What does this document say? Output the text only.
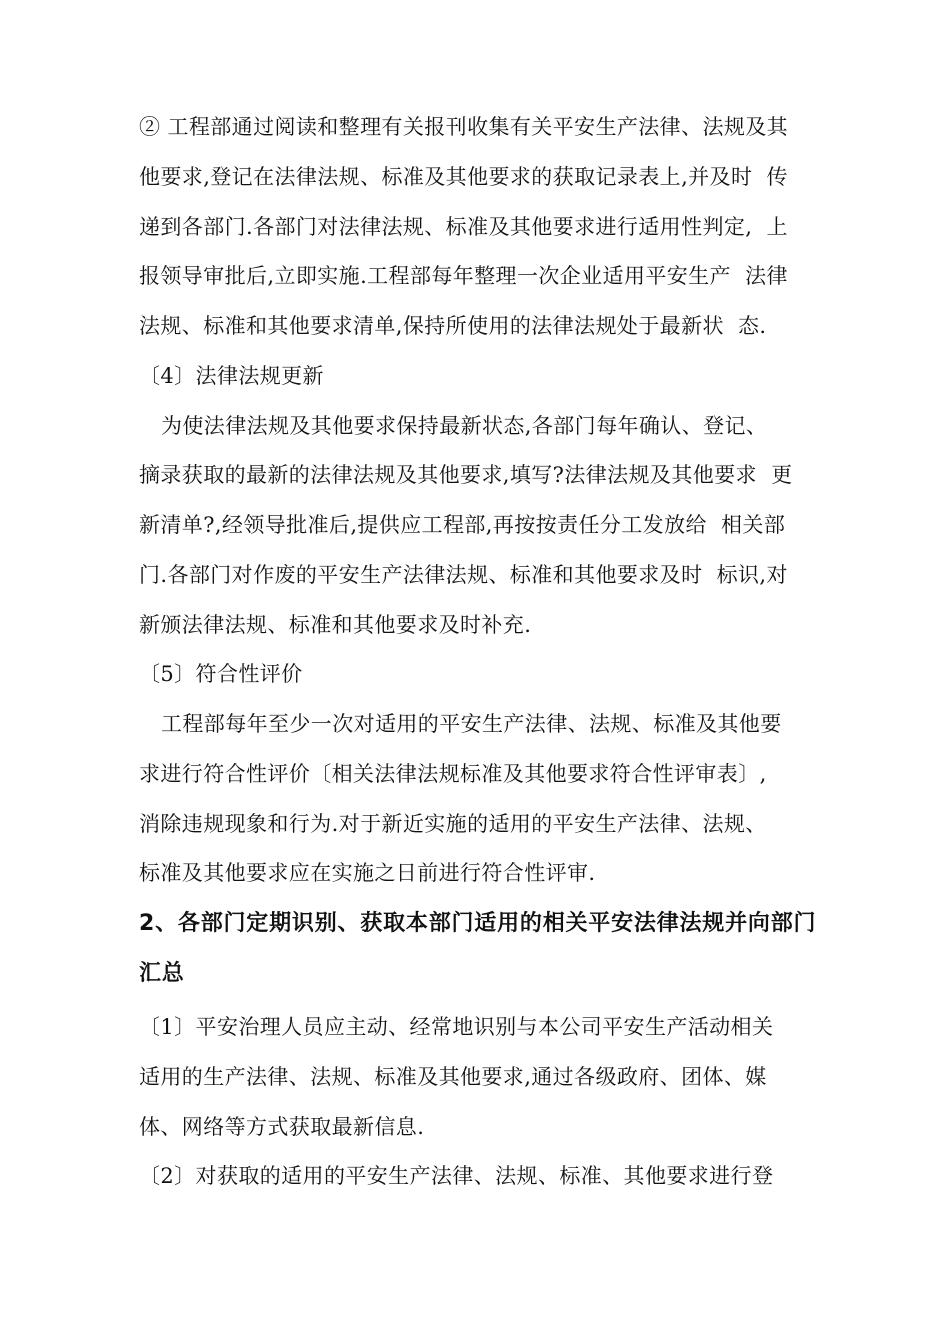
② 工程部通过阅读和整理有关报刊收集有关平安生产法律、法规及其
他要求,登记在法律法规、标准及其他要求的获取记录表上,并及时  传
递到各部门.各部门对法律法规、标准及其他要求进行适用性判定,  上
报领导审批后,立即实施.工程部每年整理一次企业适用平安生产  法律
法规、标准和其他要求清单,保持所使用的法律法规处于最新状  态.
〔4〕法律法规更新
为使法律法规及其他要求保持最新状态,各部门每年确认、登记、
摘录获取的最新的法律法规及其他要求,填写?法律法规及其他要求  更
新清单?,经领导批准后,提供应工程部,再按按责任分工发放给  相关部
门.各部门对作废的平安生产法律法规、标准和其他要求及时  标识,对
新颁法律法规、标准和其他要求及时补充.
〔5〕符合性评价
工程部每年至少一次对适用的平安生产法律、法规、标准及其他要
求进行符合性评价〔相关法律法规标准及其他要求符合性评审表〕,
消除违规现象和行为.对于新近实施的适用的平安生产法律、法规、
标准及其他要求应在实施之日前进行符合性评审.
2、各部门定期识别、获取本部门适用的相关平安法律法规并向部门
汇总
〔1〕平安治理人员应主动、经常地识别与本公司平安生产活动相关
适用的生产法律、法规、标准及其他要求,通过各级政府、团体、媒
体、网络等方式获取最新信息.
〔2〕对获取的适用的平安生产法律、法规、标准、其他要求进行登
